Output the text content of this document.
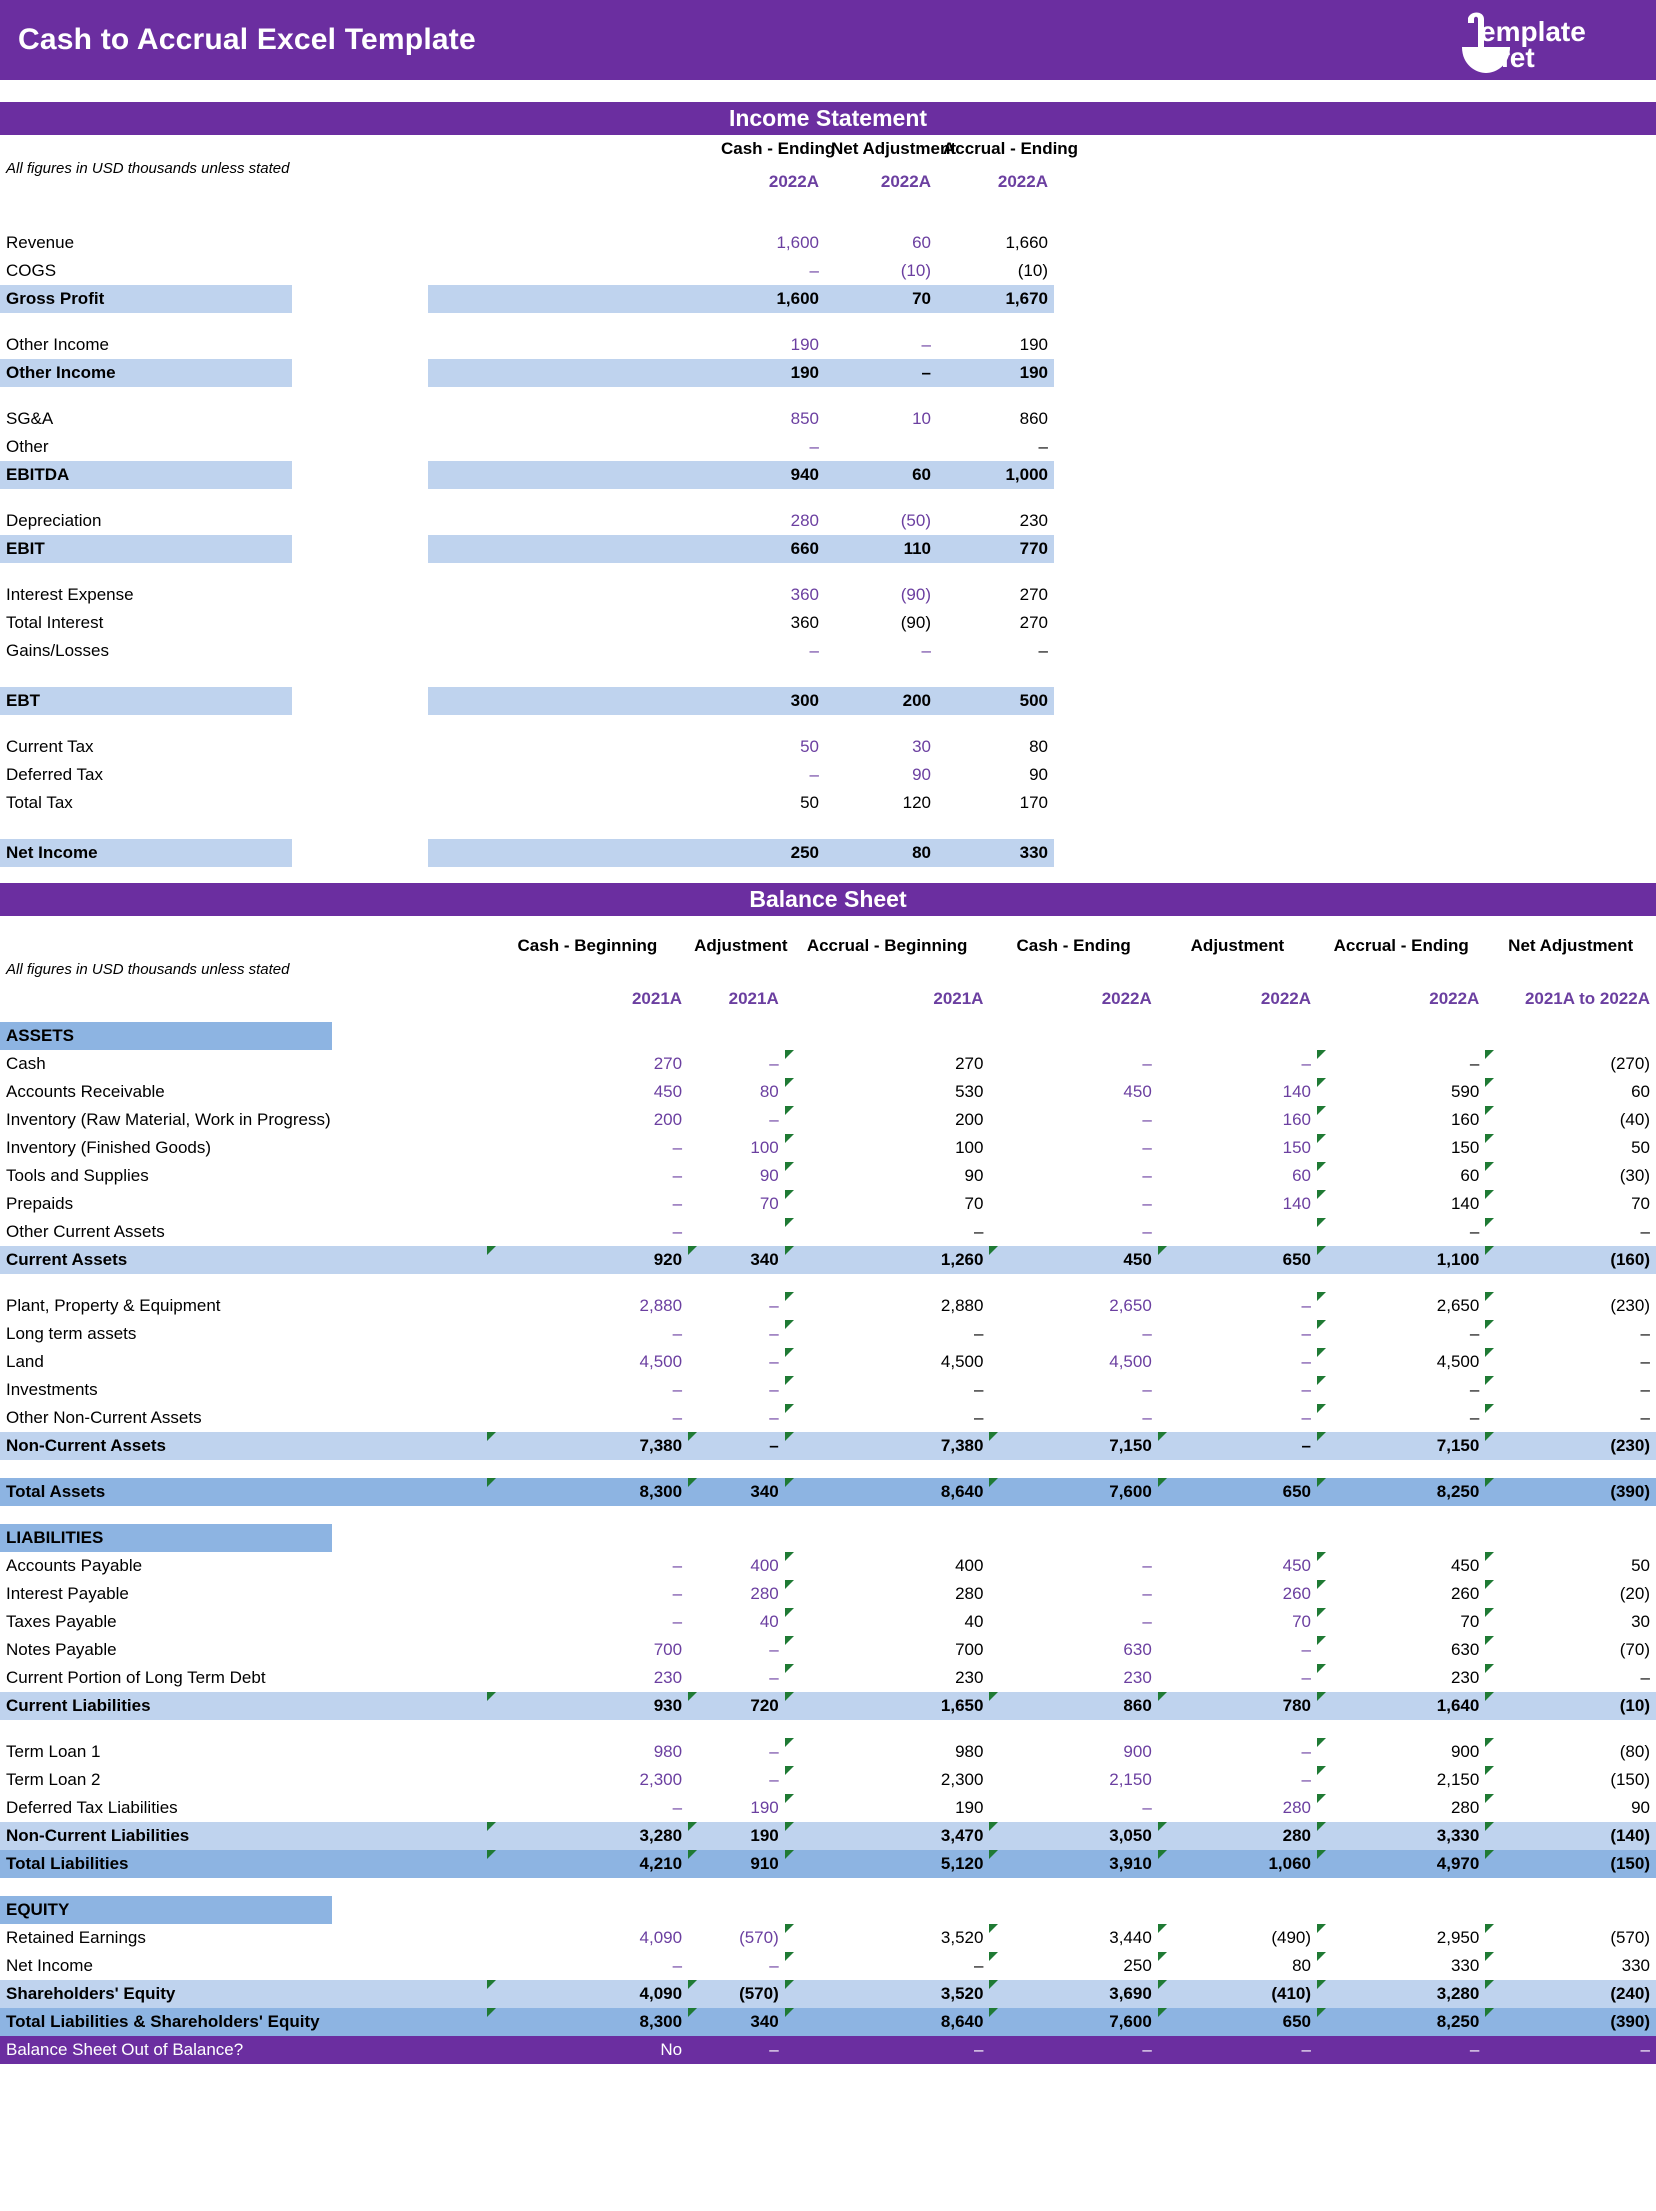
Cash to Accrual Excel Template	emplate
uffet
Income Statement
All figures in USD thousands unless stated						Cash - Ending	Net Adjustment	Accrual - Ending	
						2022A	2022A	2022A	

Revenue						1,600	60	1,660	
COGS						–	(10)	(10)	
Gross Profit						1,600	70	1,670	

Other Income						190	–	190	
Other Income						190	–	190	

SG&A						850	10	860	
Other						–		–	
EBITDA						940	60	1,000	

Depreciation						280	(50)	230	
EBIT						660	110	770	

Interest Expense						360	(90)	270	
Total Interest						360	(90)	270	
Gains/Losses						–	–	–	

EBT						300	200	500	

Current Tax						50	30	80	
Deferred Tax						–	90	90	
Total Tax						50	120	170	

Net Income						250	80	330	
Balance Sheet
All figures in USD thousands unless stated			Cash - Beginning	Adjustment	Accrual - Beginning	Cash - Ending	Adjustment	Accrual - Ending	Net Adjustment
			2021A	2021A	2021A	2022A	2022A	2022A	2021A to 2022A
ASSETS									
Cash			270	–	270	–	–	–	(270)
Accounts Receivable			450	80	530	450	140	590	60
Inventory (Raw Material, Work in Progress)			200	–	200	–	160	160	(40)
Inventory (Finished Goods)			–	100	100	–	150	150	50
Tools and Supplies			–	90	90	–	60	60	(30)
Prepaids			–	70	70	–	140	140	70
Other Current Assets			–		–	–		–	–
Current Assets			920	340	1,260	450	650	1,100	(160)

Plant, Property & Equipment			2,880	–	2,880	2,650	–	2,650	(230)
Long term assets			–	–	–	–	–	–	–
Land			4,500	–	4,500	4,500	–	4,500	–
Investments			–	–	–	–	–	–	–
Other Non-Current Assets			–	–	–	–	–	–	–
Non-Current Assets			7,380	–	7,380	7,150	–	7,150	(230)

Total Assets			8,300	340	8,640	7,600	650	8,250	(390)

LIABILITIES									
Accounts Payable			–	400	400	–	450	450	50
Interest Payable			–	280	280	–	260	260	(20)
Taxes Payable			–	40	40	–	70	70	30
Notes Payable			700	–	700	630	–	630	(70)
Current Portion of Long Term Debt			230	–	230	230	–	230	–
Current Liabilities			930	720	1,650	860	780	1,640	(10)

Term Loan 1			980	–	980	900	–	900	(80)
Term Loan 2			2,300	–	2,300	2,150	–	2,150	(150)
Deferred Tax Liabilities			–	190	190	–	280	280	90
Non-Current Liabilities			3,280	190	3,470	3,050	280	3,330	(140)
Total Liabilities			4,210	910	5,120	3,910	1,060	4,970	(150)

EQUITY									
Retained Earnings			4,090	(570)	3,520	3,440	(490)	2,950	(570)
Net Income			–	–	–	250	80	330	330
Shareholders' Equity			4,090	(570)	3,520	3,690	(410)	3,280	(240)
Total Liabilities & Shareholders' Equity			8,300	340	8,640	7,600	650	8,250	(390)
Balance Sheet Out of Balance?			No	–	–	–	–	–	–
